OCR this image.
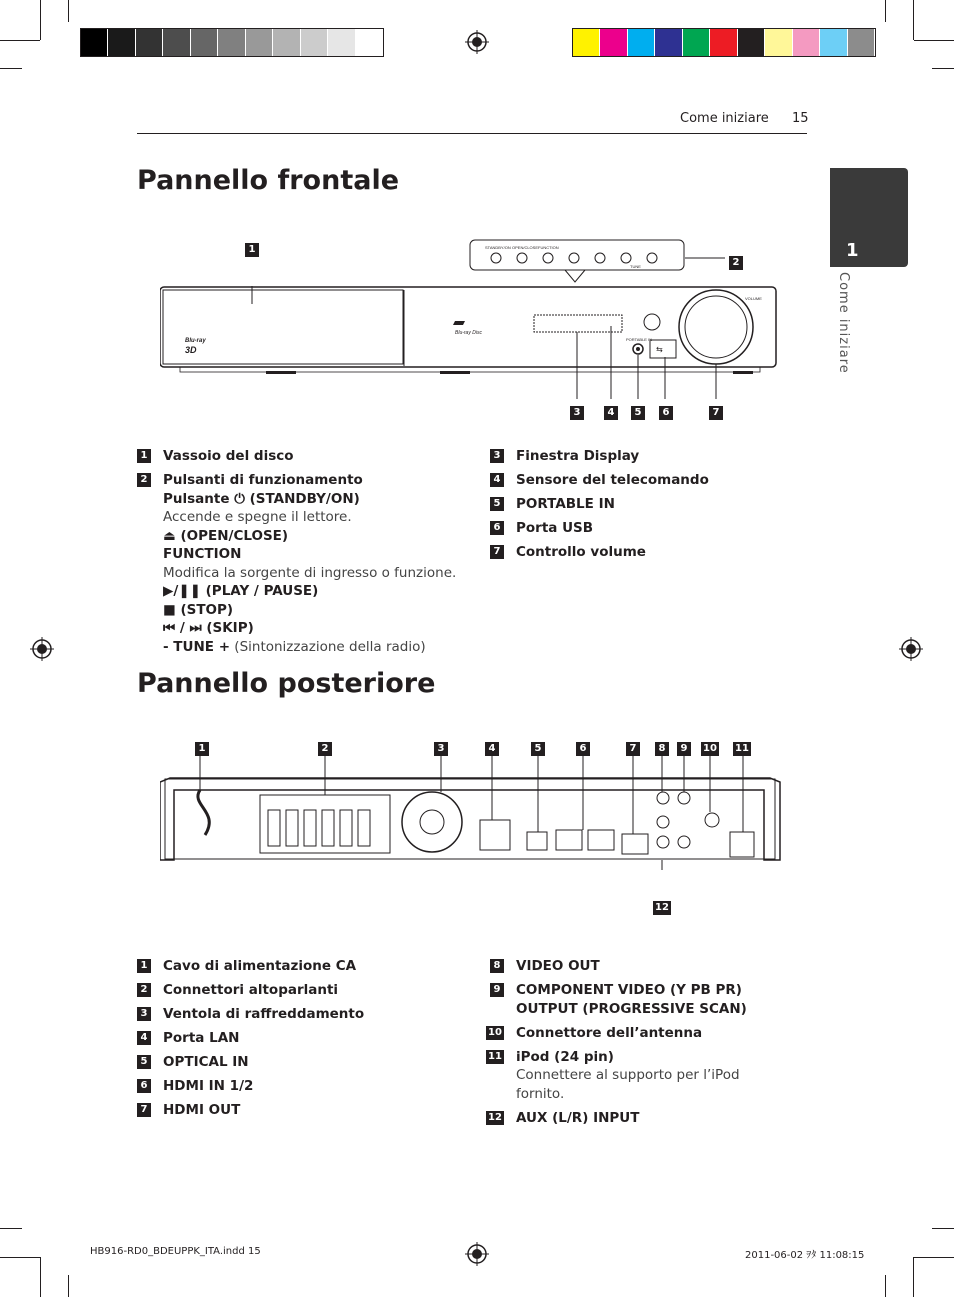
Come iniziare 15
1
Come iniziare
Pannello frontale
Blu-ray
3D
Blu-ray Disc
⇆
STANDBY/ON OPEN/CLOSE FUNCTION
TUNE
PORTABLE IN
VOLUME
1
2
3	4	5	6	7
1 Vassoio del disco
2 Pulsanti di funzionamento
Pulsante ⏻ (STANDBY/ON)
Accende e spegne il lettore.
⏏ (OPEN/CLOSE)
FUNCTION
Modifica la sorgente di ingresso o funzione.
▶/❚❚ (PLAY / PAUSE)
■ (STOP)
⏮ / ⏭ (SKIP)
- TUNE + (Sintonizzazione della radio)
3 Finestra Display
4 Sensore del telecomando
5 PORTABLE IN
6 Porta USB
7 Controllo volume
Pannello posteriore
1	2	3	4	5	6	7	8	9	10 11
12
1 Cavo di alimentazione CA
2 Connettori altoparlanti
3 Ventola di raffreddamento
4 Porta LAN
5 OPTICAL IN
6 HDMI IN 1/2
7 HDMI OUT
8 VIDEO OUT
9 COMPONENT VIDEO (Y PB PR)
OUTPUT (PROGRESSIVE SCAN)
10 Connettore dell’antenna
11 iPod (24 pin)
Connettere al supporto per l’iPod fornito.
12 AUX (L/R) INPUT
HB916-RD0_BDEUPPK_ITA.indd 15	2011-06-02 ｦﾀ 11:08:15
